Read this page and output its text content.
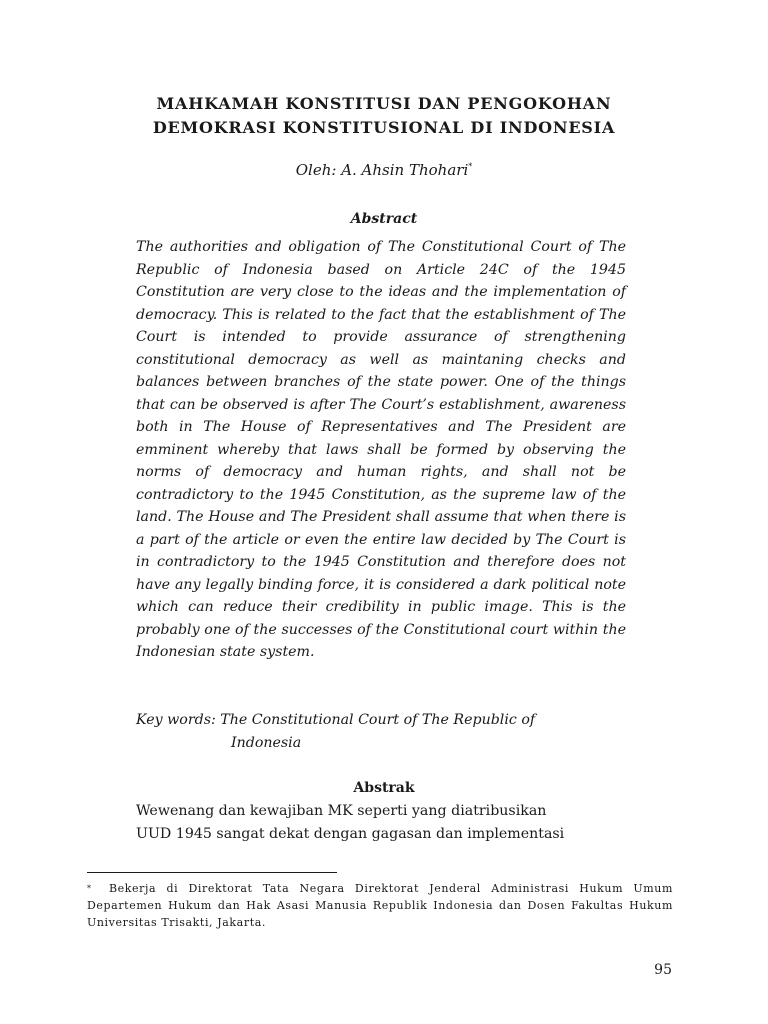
MAHKAMAH KONSTITUSI DAN PENGOKOHAN
DEMOKRASI KONSTITUSIONAL DI INDONESIA
Oleh: A. Ahsin Thohari*
Abstract

The authorities and obligation of The Constitutional Court of The Republic of Indonesia based on Article 24C of the 1945 Constitution are very close to the ideas and the implementation of democracy. This is related to the fact that the establishment of The Court is intended to provide assurance of strengthening constitutional democracy as well as maintaning checks and balances between branches of the state power. One of the things that can be observed is after The Court’s establishment, awareness both in The House of Representatives and The President are emminent whereby that laws shall be formed by observing the norms of democracy and human rights, and shall not be contradictory to the 1945 Constitution, as the supreme law of the land. The House and The President shall assume that when there is a part of the article or even the entire law decided by The Court is in contradictory to the 1945 Constitution and therefore does not have any legally binding force, it is considered a dark political note which can reduce their credibility in public image. This is the probably one of the successes of the Constitutional court within the Indonesian state system.

Key words: The Constitutional Court of The Republic of
Indonesia
Abstrak
Wewenang dan kewajiban MK seperti yang diatribusikan
UUD 1945 sangat dekat dengan gagasan dan implementasi

* Bekerja di Direktorat Tata Negara Direktorat Jenderal Administrasi Hukum Umum Departemen Hukum dan Hak Asasi Manusia Republik Indonesia dan Dosen Fakultas Hukum Universitas Trisakti, Jakarta.

95
